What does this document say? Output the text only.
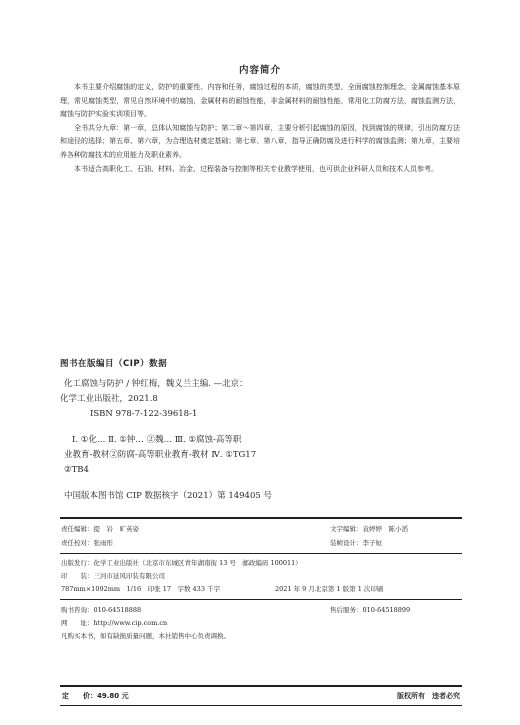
内容简介

本书主要介绍腐蚀的定义，防护的重要性、内容和任务，腐蚀过程的本质，腐蚀的类型，全面腐蚀控制理念，金属腐蚀基本原理，常见腐蚀类型，常见自然环境中的腐蚀，金属材料的耐蚀性能，非金属材料的耐蚀性能，常用化工防腐方法，腐蚀监测方法，腐蚀与防护实验实训项目等。

全书共分九章：第一章，总体认知腐蚀与防护；第二章～第四章，主要分析引起腐蚀的原因，找到腐蚀的规律，引出防腐方法和途径的选择；第五章、第六章，为合理选材奠定基础；第七章、第八章，指导正确防腐及进行科学的腐蚀监测；第九章，主要培养各种防腐技术的应用能力及职业素养。

本书适合高职化工、石油、材料、冶金、过程装备与控制等相关专业教学使用，也可供企业科研人员和技术人员参考。

图书在版编目（CIP）数据
化工腐蚀与防护 / 钟红梅，魏义兰主编. —北京：
化学工业出版社，2021.8
ISBN 978-7-122-39618-1
Ⅰ. ①化… Ⅱ. ①钟… ②魏… Ⅲ. ①腐蚀-高等职
业教育-教材②防腐-高等职业教育-教材 Ⅳ. ①TG17
②TB4
中国版本图书馆 CIP 数据核字（2021）第 149405 号
责任编辑：提　岩　旷英姿	文字编辑：袁婷婷　陈小滔
责任校对：张雨彤	装帧设计：李子姮
出版发行：化学工业出版社（北京市东城区青年湖南街 13 号　邮政编码 100011）
印　　装：三河市延风印装有限公司
787mm×1092mm　1/16　印张 17　字数 433 千字	2021 年 9 月北京第 1 版第 1 次印刷
购书咨询：010-64518888	售后服务：010-64518899
网　　址：http://www.cip.com.cn
凡购买本书，如有缺损质量问题，本社销售中心负责调换。
定　　价：49.80 元	版权所有　违者必究
